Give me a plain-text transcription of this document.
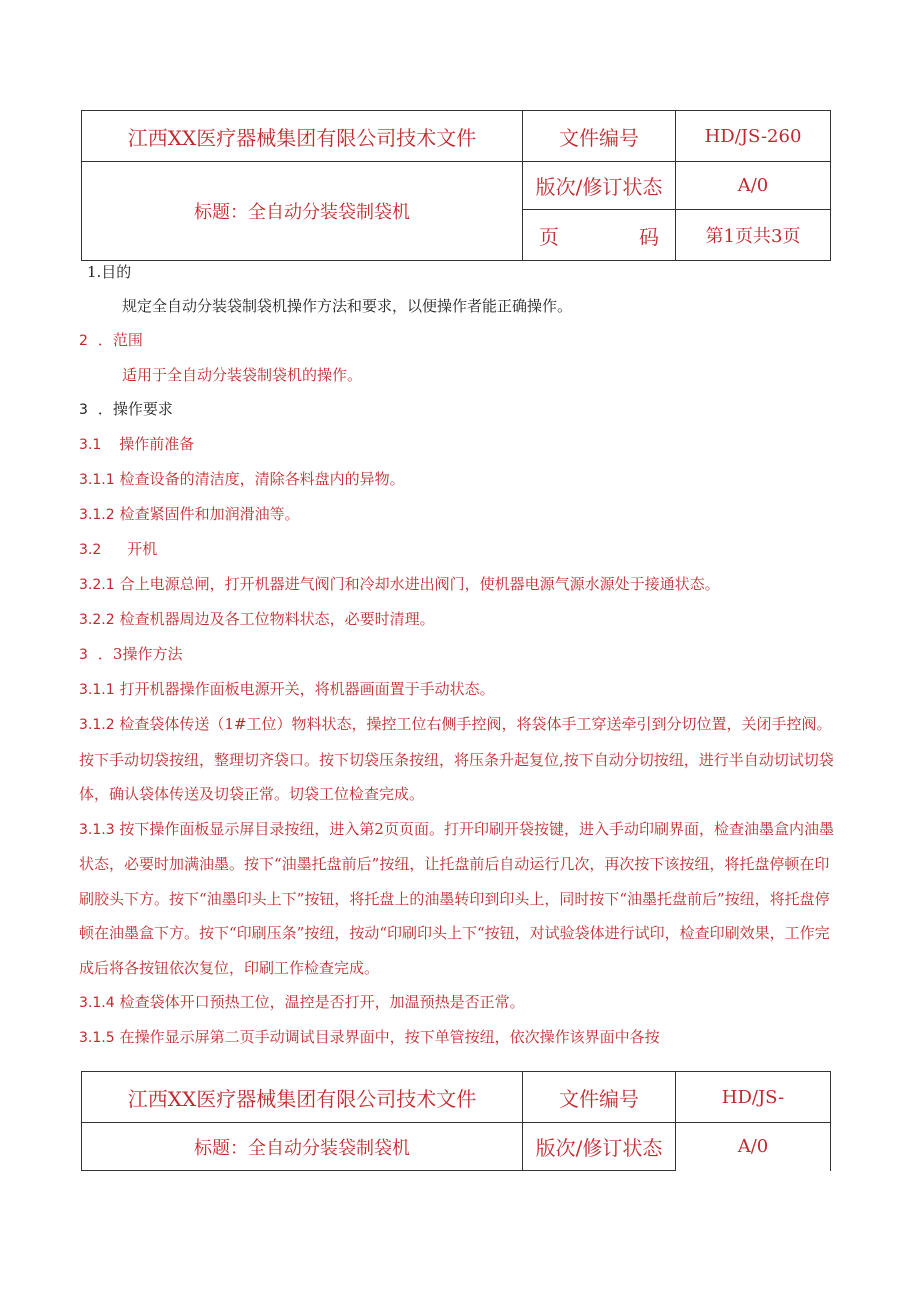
江西XX医疗器械集团有限公司技术文件	文件编号	HD/JS-260
标题：全自动分装袋制袋机	版次/修订状态	A/0

	页 码	第1页共3页
1.目的
规定全自动分装袋制袋机操作方法和要求，以便操作者能正确操作。
2 ．范围
适用于全自动分装袋制袋机的操作。
3 ．操作要求
3.1 操作前准备
3.1.1 检查设备的清洁度，清除各料盘内的异物。
3.1.2 检查紧固件和加润滑油等。
3.2 开机
3.2.1 合上电源总闸，打开机器进气阀门和冷却水进出阀门，使机器电源气源水源处于接通状态。
3.2.2 检查机器周边及各工位物料状态，必要时清理。
3 ．3操作方法
3.1.1 打开机器操作面板电源开关，将机器画面置于手动状态。
3.1.2 检查袋体传送（1#工位）物料状态，操控工位右侧手控阀，将袋体手工穿送牵引到分切位置，关闭手控阀。按下手动切袋按纽，整理切齐袋口。按下切袋压条按纽，将压条升起复位,按下自动分切按纽，进行半自动切试切袋体，确认袋体传送及切袋正常。切袋工位检查完成。
3.1.3 按下操作面板显示屏目录按纽，进入第2页页面。打开印刷开袋按键，进入手动印刷界面，检查油墨盒内油墨状态，必要时加满油墨。按下“油墨托盘前后”按纽，让托盘前后自动运行几次，再次按下该按纽，将托盘停顿在印刷胶头下方。按下“油墨印头上下”按钮，将托盘上的油墨转印到印头上，同时按下“油墨托盘前后”按纽，将托盘停顿在油墨盒下方。按下“印刷压条”按纽，按动“印刷印头上下“按钮，对试验袋体进行试印，检查印刷效果，工作完成后将各按钮依次复位，印刷工作检查完成。
3.1.4 检查袋体开口预热工位，温控是否打开，加温预热是否正常。
3.1.5 在操作显示屏第二页手动调试目录界面中，按下单管按纽，依次操作该界面中各按
江西XX医疗器械集团有限公司技术文件	文件编号	HD/JS-
标题：全自动分装袋制袋机	版次/修订状态	A/0
